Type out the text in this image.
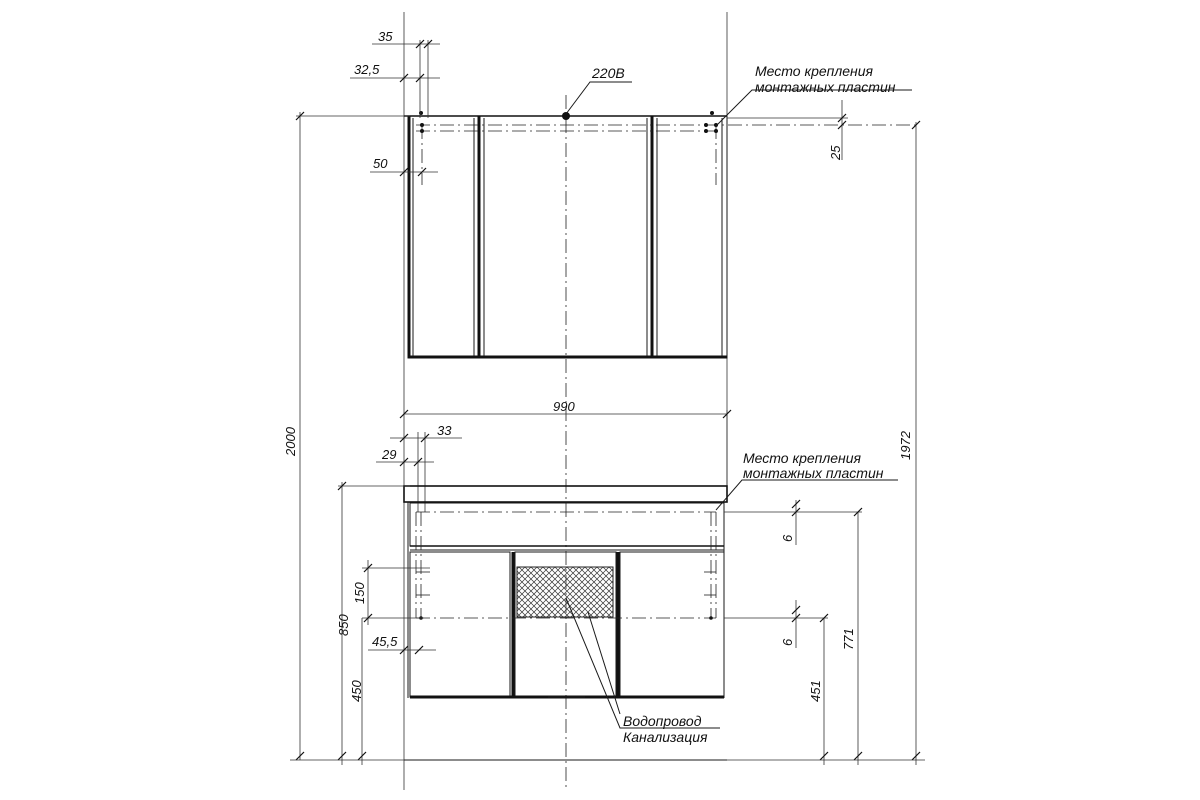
220В	Место крепления
монтажных пластин
35
32,5
50
25
2000	1972
990
33
29	Место крепления
монтажных пластин
6
6	771
451
150
45,5
850
450
Водопровод
Канализация
